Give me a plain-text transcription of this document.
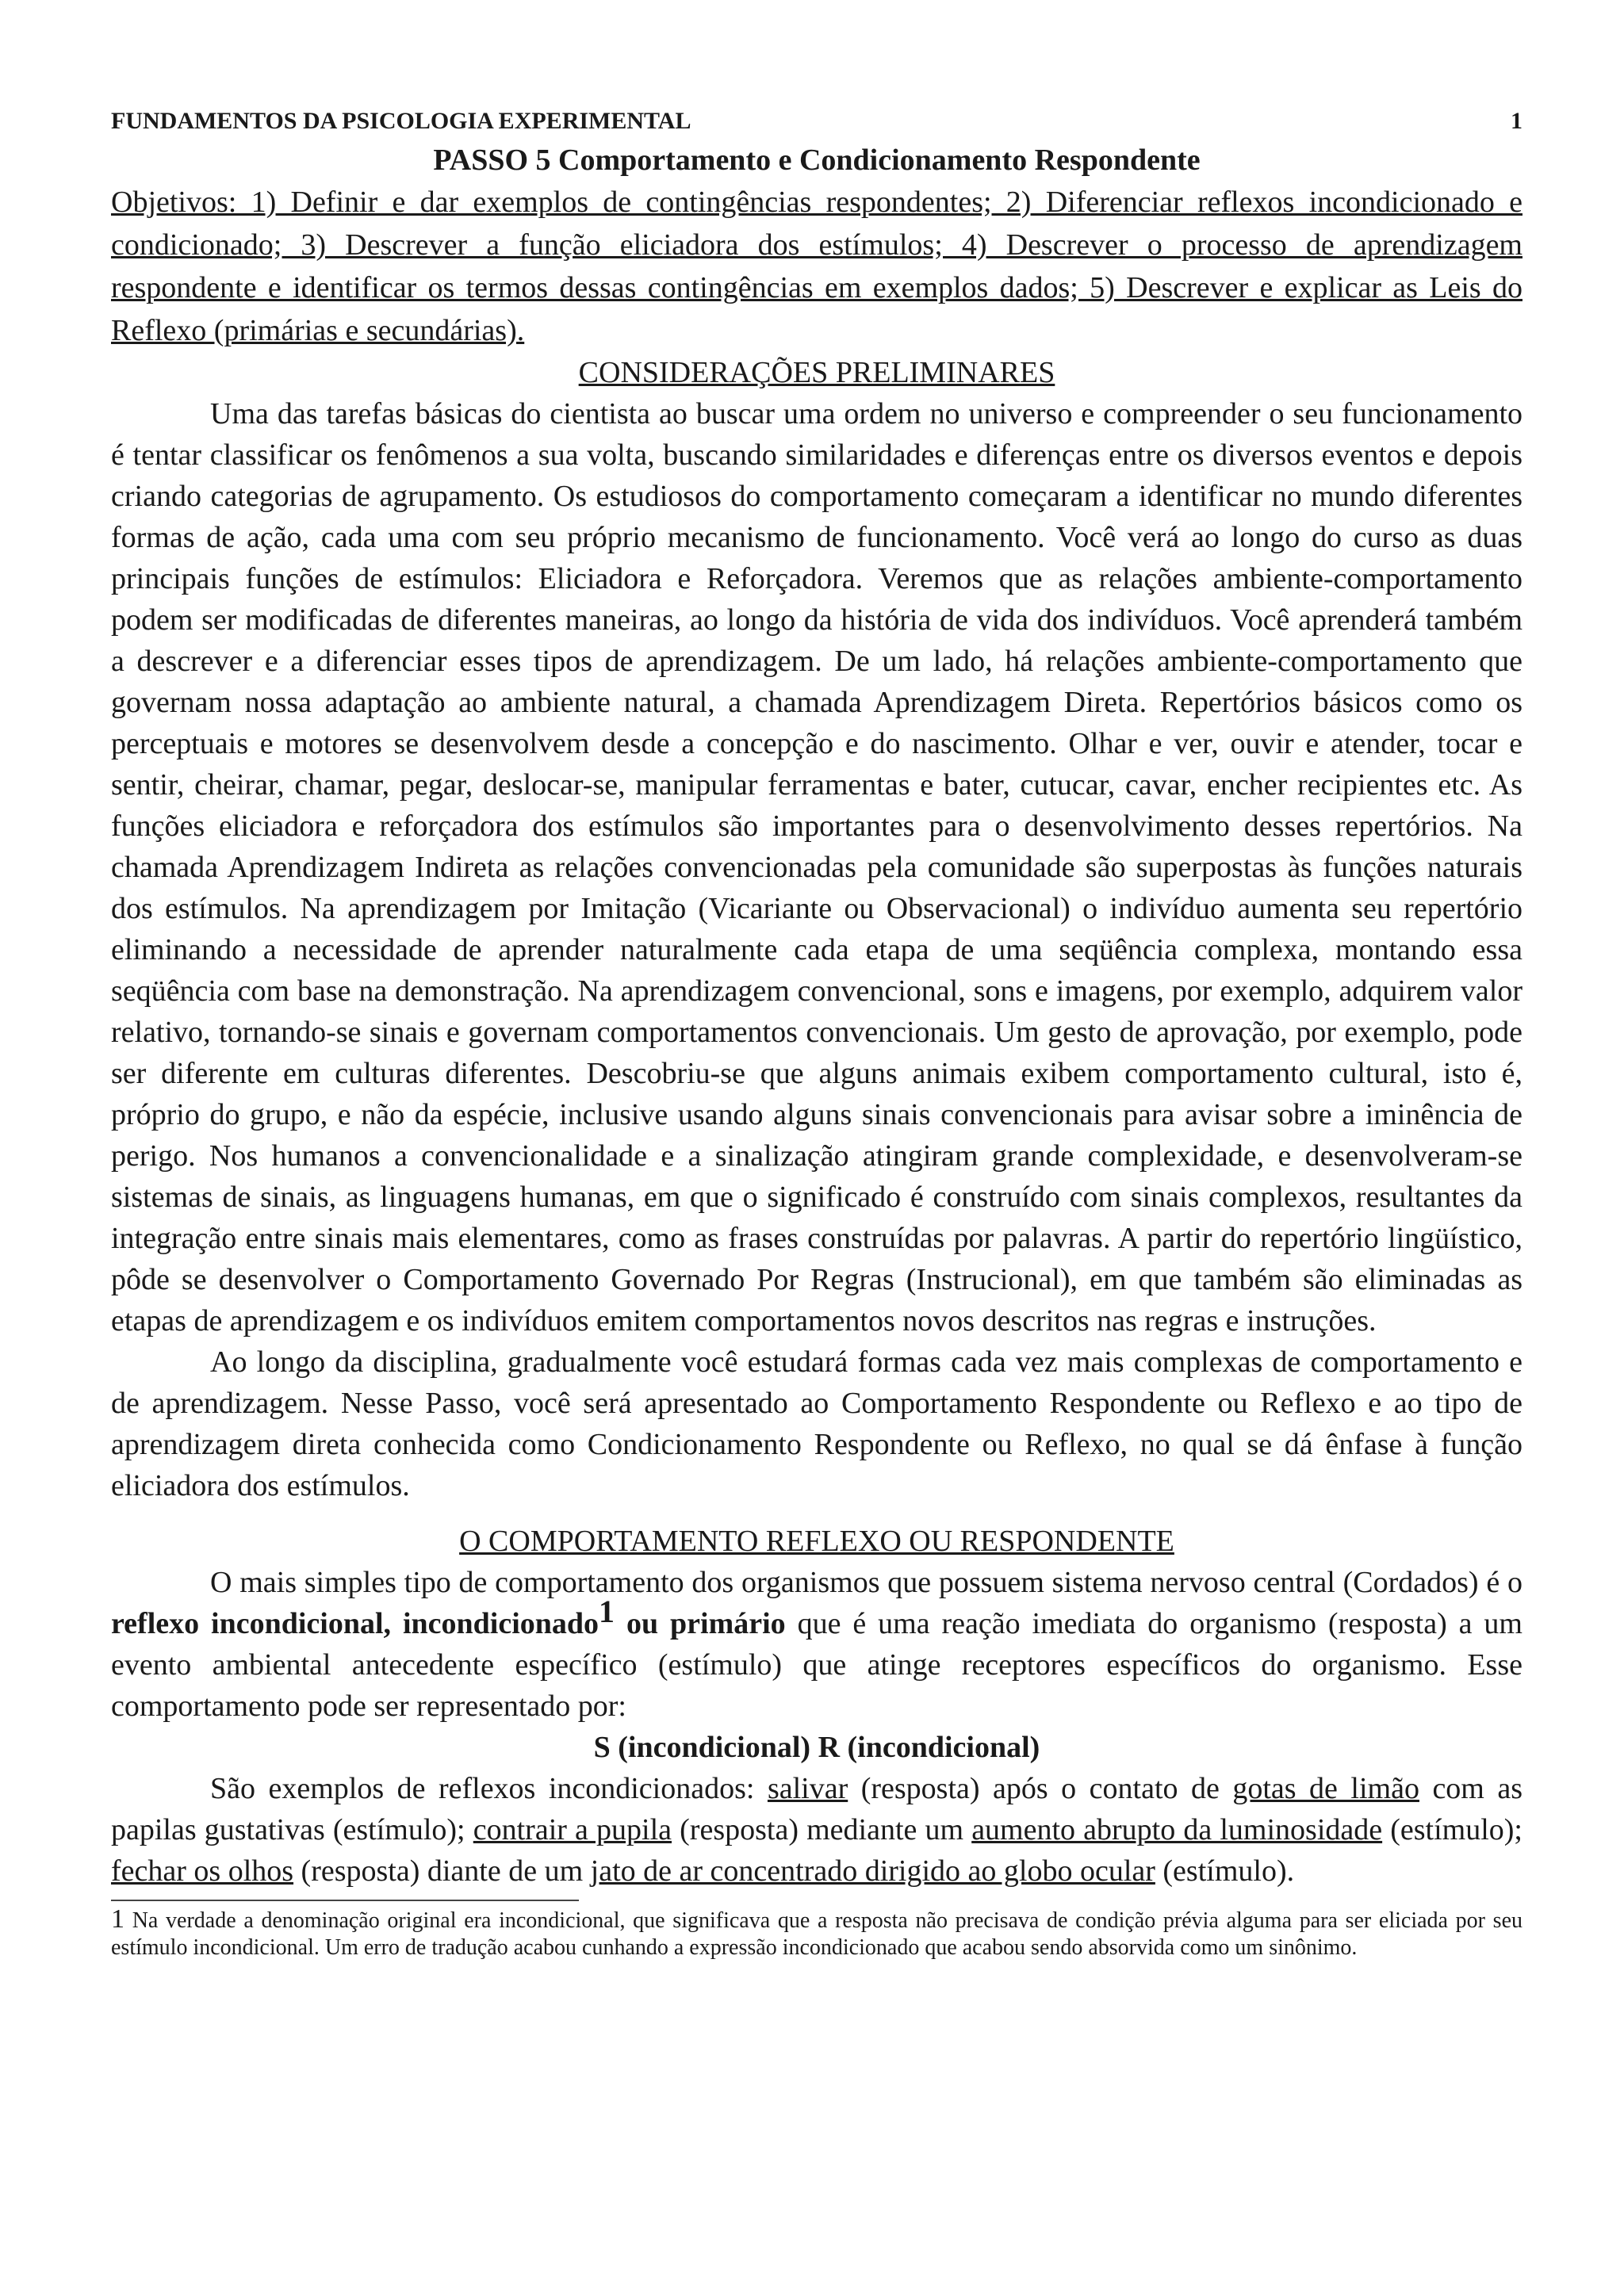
FUNDAMENTOS DA PSICOLOGIA EXPERIMENTAL	1
PASSO 5 Comportamento e Condicionamento Respondente
Objetivos: 1) Definir e dar exemplos de contingências respondentes; 2) Diferenciar reflexos incondicionado e condicionado; 3) Descrever a função eliciadora dos estímulos; 4) Descrever o processo de aprendizagem respondente e identificar os termos dessas contingências em exemplos dados; 5) Descrever e explicar as Leis do Reflexo (primárias e secundárias).
CONSIDERAÇÕES PRELIMINARES

Uma das tarefas básicas do cientista ao buscar uma ordem no universo e compreender o seu funcionamento é tentar classificar os fenômenos a sua volta, buscando similaridades e diferenças entre os diversos eventos e depois criando categorias de agrupamento. Os estudiosos do comportamento começaram a identificar no mundo diferentes formas de ação, cada uma com seu próprio mecanismo de funcionamento. Você verá ao longo do curso as duas principais funções de estímulos: Eliciadora e Reforçadora. Veremos que as relações ambiente-comportamento podem ser modificadas de diferentes maneiras, ao longo da história de vida dos indivíduos. Você aprenderá também a descrever e a diferenciar esses tipos de aprendizagem. De um lado, há relações ambiente-comportamento que governam nossa adaptação ao ambiente natural, a chamada Aprendizagem Direta. Repertórios básicos como os perceptuais e motores se desenvolvem desde a concepção e do nascimento. Olhar e ver, ouvir e atender, tocar e sentir, cheirar, chamar, pegar, deslocar-se, manipular ferramentas e bater, cutucar, cavar, encher recipientes etc. As funções eliciadora e reforçadora dos estímulos são importantes para o desenvolvimento desses repertórios. Na chamada Aprendizagem Indireta as relações convencionadas pela comunidade são superpostas às funções naturais dos estímulos. Na aprendizagem por Imitação (Vicariante ou Observacional) o indivíduo aumenta seu repertório eliminando a necessidade de aprender naturalmente cada etapa de uma seqüência complexa, montando essa seqüência com base na demonstração. Na aprendizagem convencional, sons e imagens, por exemplo, adquirem valor relativo, tornando-se sinais e governam comportamentos convencionais. Um gesto de aprovação, por exemplo, pode ser diferente em culturas diferentes. Descobriu-se que alguns animais exibem comportamento cultural, isto é, próprio do grupo, e não da espécie, inclusive usando alguns sinais convencionais para avisar sobre a iminência de perigo. Nos humanos a convencionalidade e a sinalização atingiram grande complexidade, e desenvolveram-se sistemas de sinais, as linguagens humanas, em que o significado é construído com sinais complexos, resultantes da integração entre sinais mais elementares, como as frases construídas por palavras. A partir do repertório lingüístico, pôde se desenvolver o Comportamento Governado Por Regras (Instrucional), em que também são eliminadas as etapas de aprendizagem e os indivíduos emitem comportamentos novos descritos nas regras e instruções.

Ao longo da disciplina, gradualmente você estudará formas cada vez mais complexas de comportamento e de aprendizagem. Nesse Passo, você será apresentado ao Comportamento Respondente ou Reflexo e ao tipo de aprendizagem direta conhecida como Condicionamento Respondente ou Reflexo, no qual se dá ênfase à função eliciadora dos estímulos.

O COMPORTAMENTO REFLEXO OU RESPONDENTE

O mais simples tipo de comportamento dos organismos que possuem sistema nervoso central (Cordados) é o reflexo incondicional, incondicionado$^1$ ou primário que é uma reação imediata do organismo (resposta) a um evento ambiental antecedente específico (estímulo) que atinge receptores específicos do organismo. Esse comportamento pode ser representado por:

S (incondicional) R (incondicional)

São exemplos de reflexos incondicionados: salivar (resposta) após o contato de gotas de limão com as papilas gustativas (estímulo); contrair a pupila (resposta) mediante um aumento abrupto da luminosidade (estímulo); fechar os olhos (resposta) diante de um jato de ar concentrado dirigido ao globo ocular (estímulo).

1 Na verdade a denominação original era incondicional, que significava que a resposta não precisava de condição prévia alguma para ser eliciada por seu estímulo incondicional. Um erro de tradução acabou cunhando a expressão incondicionado que acabou sendo absorvida como um sinônimo.
